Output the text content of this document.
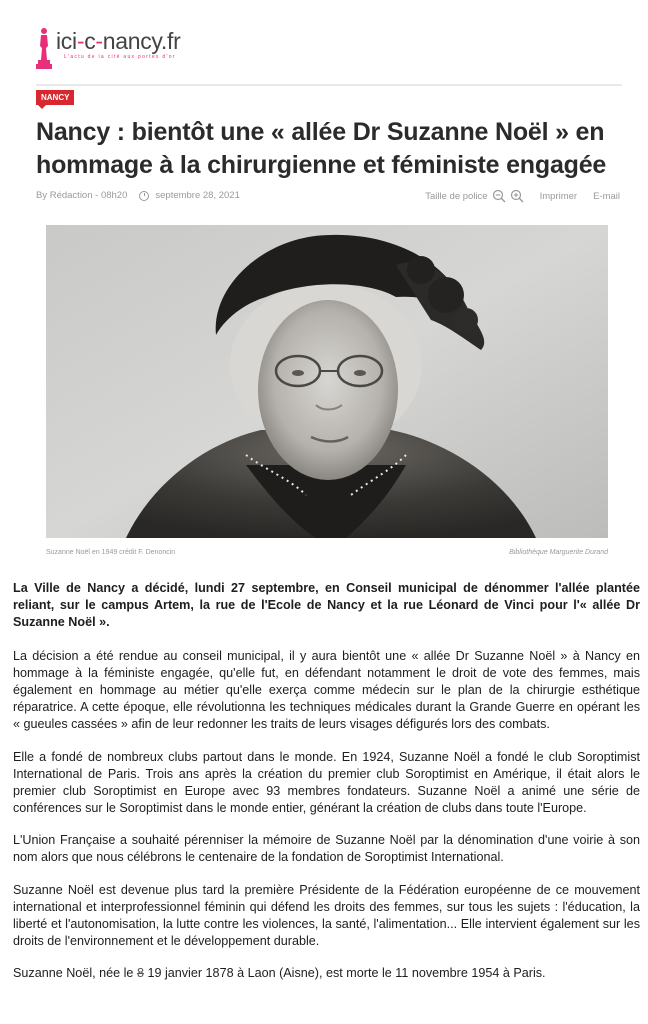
ici-c-nancy.fr
L'actu de la cité aux portes d'or
NANCY
Nancy : bientôt une « allée Dr Suzanne Noël » en hommage à la chirurgienne et féministe engagée
By Rédaction - 08h20	septembre 28, 2021	Taille de police	Imprimer E-mail
Suzanne Noël en 1949 crédit F. Denoncin	Bibliothèque Marguerite Durand

La Ville de Nancy a décidé, lundi 27 septembre, en Conseil municipal de dénommer l'allée plantée reliant, sur le campus Artem, la rue de l'Ecole de Nancy et la rue Léonard de Vinci pour l'« allée Dr Suzanne Noël ».

La décision a été rendue au conseil municipal, il y aura bientôt une « allée Dr Suzanne Noël » à Nancy en hommage à la féministe engagée, qu'elle fut, en défendant notamment le droit de vote des femmes, mais également en hommage au métier qu'elle exerça comme médecin sur le plan de la chirurgie esthétique réparatrice. A cette époque, elle révolutionna les techniques médicales durant la Grande Guerre en opérant les « gueules cassées » afin de leur redonner les traits de leurs visages défigurés lors des combats.

Elle a fondé de nombreux clubs partout dans le monde. En 1924, Suzanne Noël a fondé le club Soroptimist International de Paris. Trois ans après la création du premier club Soroptimist en Amérique, il était alors le premier club Soroptimist en Europe avec 93 membres fondateurs. Suzanne Noël a animé une série de conférences sur le Soroptimist dans le monde entier, générant la création de clubs dans toute l'Europe.

L'Union Française a souhaité pérenniser la mémoire de Suzanne Noël par la dénomination d'une voirie à son nom alors que nous célébrons le centenaire de la fondation de Soroptimist International.

Suzanne Noël est devenue plus tard la première Présidente de la Fédération européenne de ce mouvement international et interprofessionnel féminin qui défend les droits des femmes, sur tous les sujets : l'éducation, la liberté et l'autonomisation, la lutte contre les violences, la santé, l'alimentation... Elle intervient également sur les droits de l'environnement et le développement durable.

Suzanne Noël, née le 8 19 janvier 1878 à Laon (Aisne), est morte le 11 novembre 1954 à Paris.
